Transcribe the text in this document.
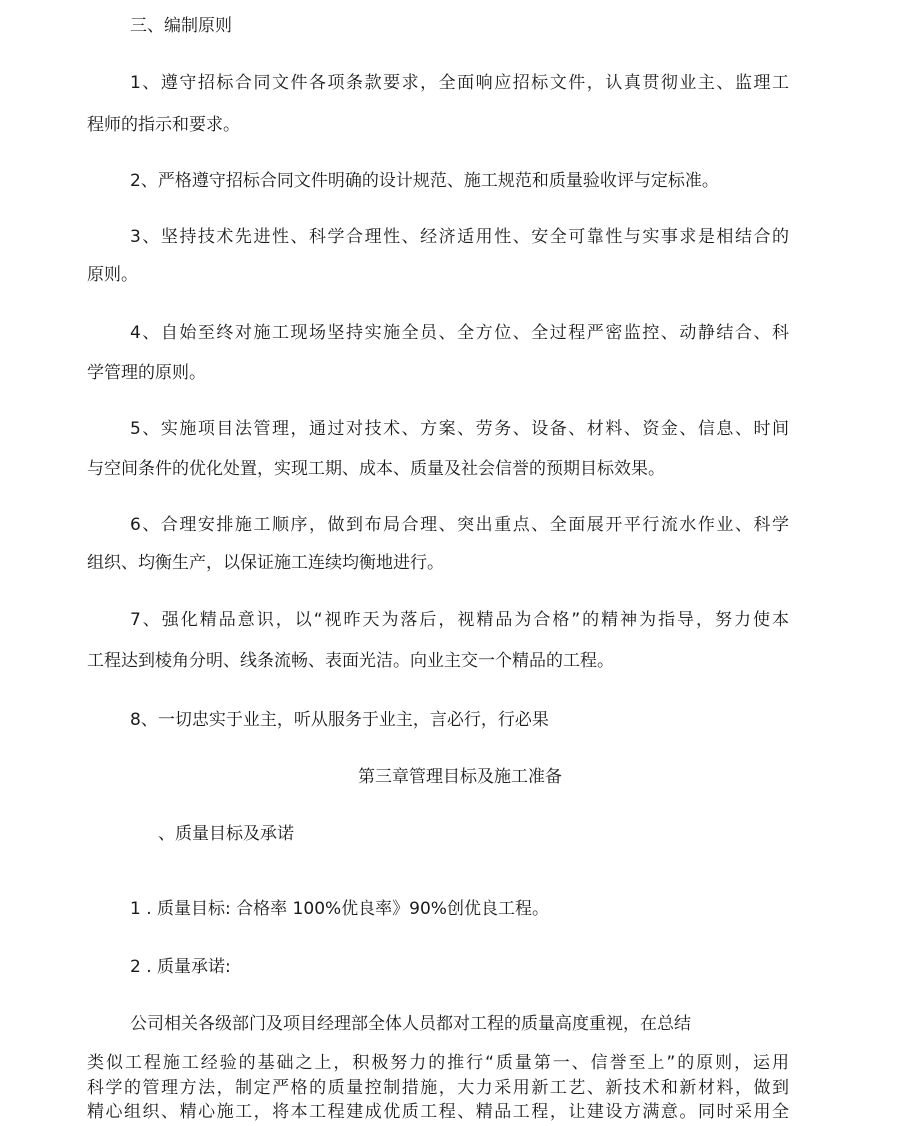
三、编制原则

1、遵守招标合同文件各项条款要求，全面响应招标文件，认真贯彻业主、监理工

程师的指示和要求。

2、严格遵守招标合同文件明确的设计规范、施工规范和质量验收评与定标准。

3、坚持技术先进性、科学合理性、经济适用性、安全可靠性与实事求是相结合的

原则。

4、自始至终对施工现场坚持实施全员、全方位、全过程严密监控、动静结合、科

学管理的原则。

5、实施项目法管理，通过对技术、方案、劳务、设备、材料、资金、信息、时间

与空间条件的优化处置，实现工期、成本、质量及社会信誉的预期目标效果。

6、合理安排施工顺序，做到布局合理、突出重点、全面展开平行流水作业、科学

组织、均衡生产，以保证施工连续均衡地进行。

7、强化精品意识，以“视昨天为落后，视精品为合格”的精神为指导，努力使本

工程达到棱角分明、线条流畅、表面光洁。向业主交一个精品的工程。

8、一切忠实于业主，听从服务于业主，言必行，行必果

第三章管理目标及施工准备

、质量目标及承诺

1 . 质量目标: 合格率 100%优良率》90%创优良工程。

2 . 质量承诺:

公司相关各级部门及项目经理部全体人员都对工程的质量高度重视，在总结

类似工程施工经验的基础之上，积极努力的推行“质量第一、信誉至上”的原则，运用

科学的管理方法，制定严格的质量控制措施，大力采用新工艺、新技术和新材料，做到

精心组织、精心施工，将本工程建成优质工程、精品工程，让建设方满意。同时采用全
